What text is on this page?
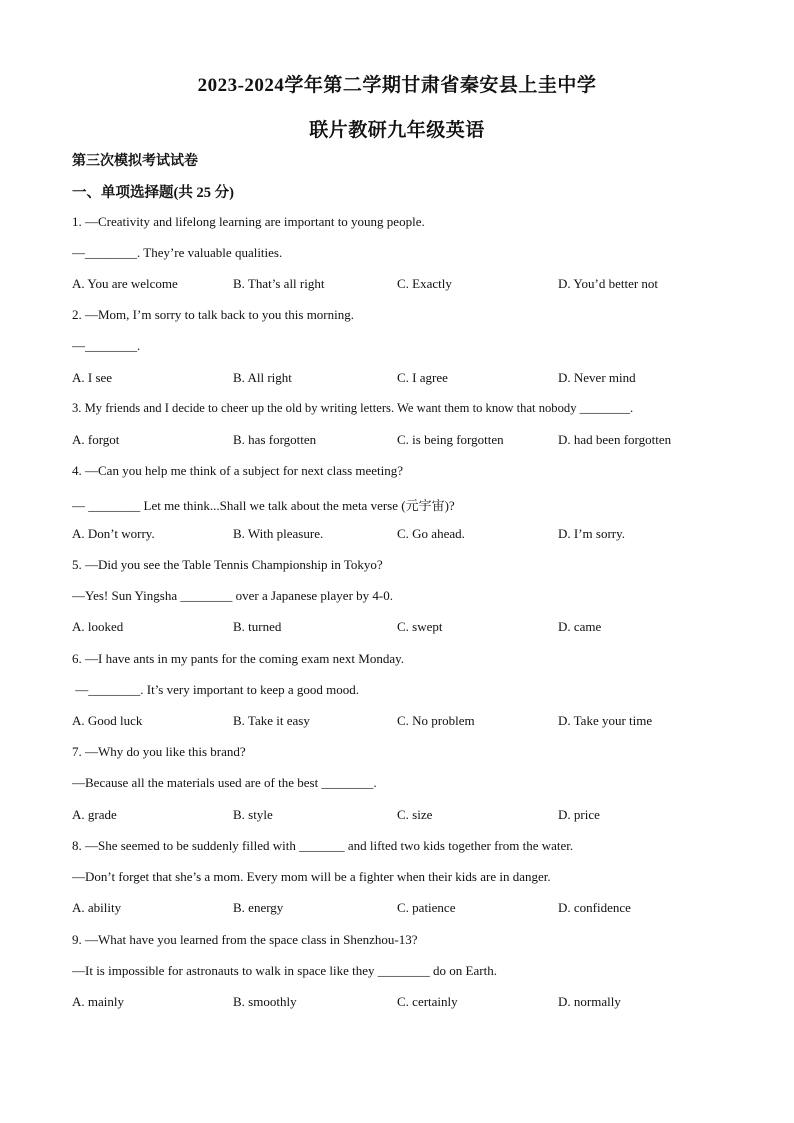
2023-2024学年第二学期甘肃省秦安县上圭中学
联片教研九年级英语
第三次模拟考试试卷
一、单项选择题(共 25 分)
1. —Creativity and lifelong learning are important to young people.
—________. They’re valuable qualities.
A. You are welcome	B. That’s all right	C. Exactly	D. You’d better not
2. —Mom, I’m sorry to talk back to you this morning.
—________.
A. I see	B. All right	C. I agree	D. Never mind
3. My friends and I decide to cheer up the old by writing letters. We want them to know that nobody ________.
A. forgot	B. has forgotten	C. is being forgotten	D. had been forgotten
4. —Can you help me think of a subject for next class meeting?
— ________ Let me think...Shall we talk about the meta verse (元宇宙)?
A. Don’t worry.	B. With pleasure.	C. Go ahead.	D. I’m sorry.
5. —Did you see the Table Tennis Championship in Tokyo?
—Yes! Sun Yingsha ________ over a Japanese player by 4-0.
A. looked	B. turned	C. swept	D. came
6. —I have ants in my pants for the coming exam next Monday.
—________. It’s very important to keep a good mood.
A. Good luck	B. Take it easy	C. No problem	D. Take your time
7. —Why do you like this brand?
—Because all the materials used are of the best ________.
A. grade	B. style	C. size	D. price
8. —She seemed to be suddenly filled with _______ and lifted two kids together from the water.
—Don’t forget that she’s a mom. Every mom will be a fighter when their kids are in danger.
A. ability	B. energy	C. patience	D. confidence
9. —What have you learned from the space class in Shenzhou-13?
—It is impossible for astronauts to walk in space like they ________ do on Earth.
A. mainly	B. smoothly	C. certainly	D. normally
